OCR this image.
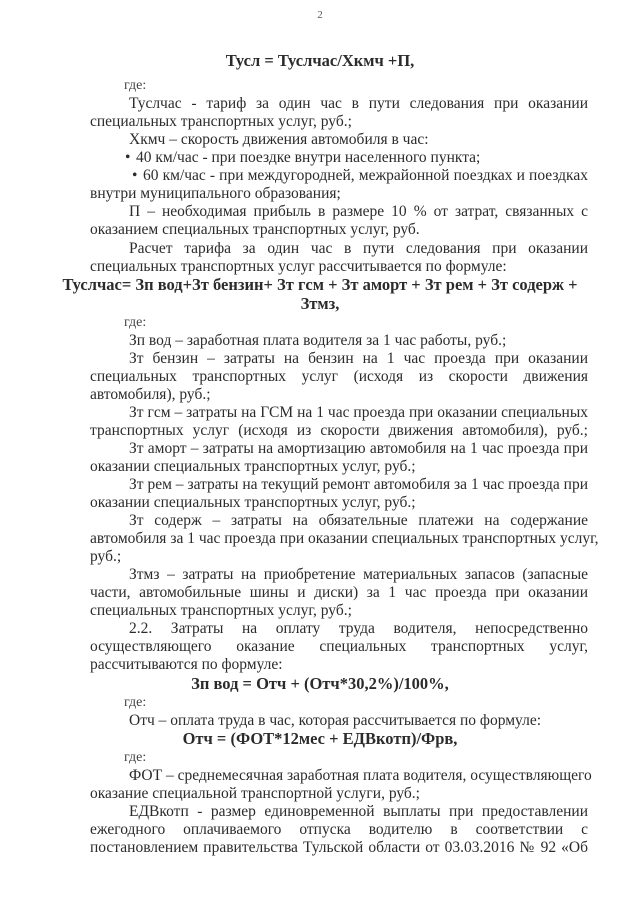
2
Тусл = Туслчас/Хкмч +П,
где:
Туслчас - тариф за один час в пути следования при оказании
специальных транспортных услуг, руб.;
Хкмч – скорость движения автомобиля в час:
• 40 км/час - при поездке внутри населенного пункта;
• 60 км/час - при междугородней, межрайонной поездках и поездках
внутри муниципального образования;
П – необходимая прибыль в размере 10 % от затрат, связанных с
оказанием специальных транспортных услуг, руб.
Расчет тарифа за один час в пути следования при оказании
специальных транспортных услуг рассчитывается по формуле:
Туслчас= Зп вод+Зт бензин+ Зт гсм + Зт аморт + Зт рем + Зт содерж +
Зтмз,
где:
Зп вод – заработная плата водителя за 1 час работы, руб.;
Зт бензин – затраты на бензин на 1 час проезда при оказании
специальных транспортных услуг (исходя из скорости движения
автомобиля), руб.;
Зт гсм – затраты на ГСМ на 1 час проезда при оказании специальных
транспортных услуг (исходя из скорости движения автомобиля), руб.;
Зт аморт – затраты на амортизацию автомобиля на 1 час проезда при
оказании специальных транспортных услуг, руб.;
Зт рем – затраты на текущий ремонт автомобиля за 1 час проезда при
оказании специальных транспортных услуг, руб.;
Зт содерж – затраты на обязательные платежи на содержание
автомобиля за 1 час проезда при оказании специальных транспортных услуг,
руб.;
Зтмз – затраты на приобретение материальных запасов (запасные
части, автомобильные шины и диски) за 1 час проезда при оказании
специальных транспортных услуг, руб.;
2.2. Затраты на оплату труда водителя, непосредственно
осуществляющего оказание специальных транспортных услуг,
рассчитываются по формуле:
Зп вод = Отч + (Отч*30,2%)/100%,
где:
Отч – оплата труда в час, которая рассчитывается по формуле:
Отч = (ФОТ*12мес + ЕДВкотп)/Фрв,
где:
ФОТ – среднемесячная заработная плата водителя, осуществляющего
оказание специальной транспортной услуги, руб.;
ЕДВкотп - размер единовременной выплаты при предоставлении
ежегодного оплачиваемого отпуска водителю в соответствии с
постановлением правительства Тульской области от 03.03.2016 № 92 «Об
